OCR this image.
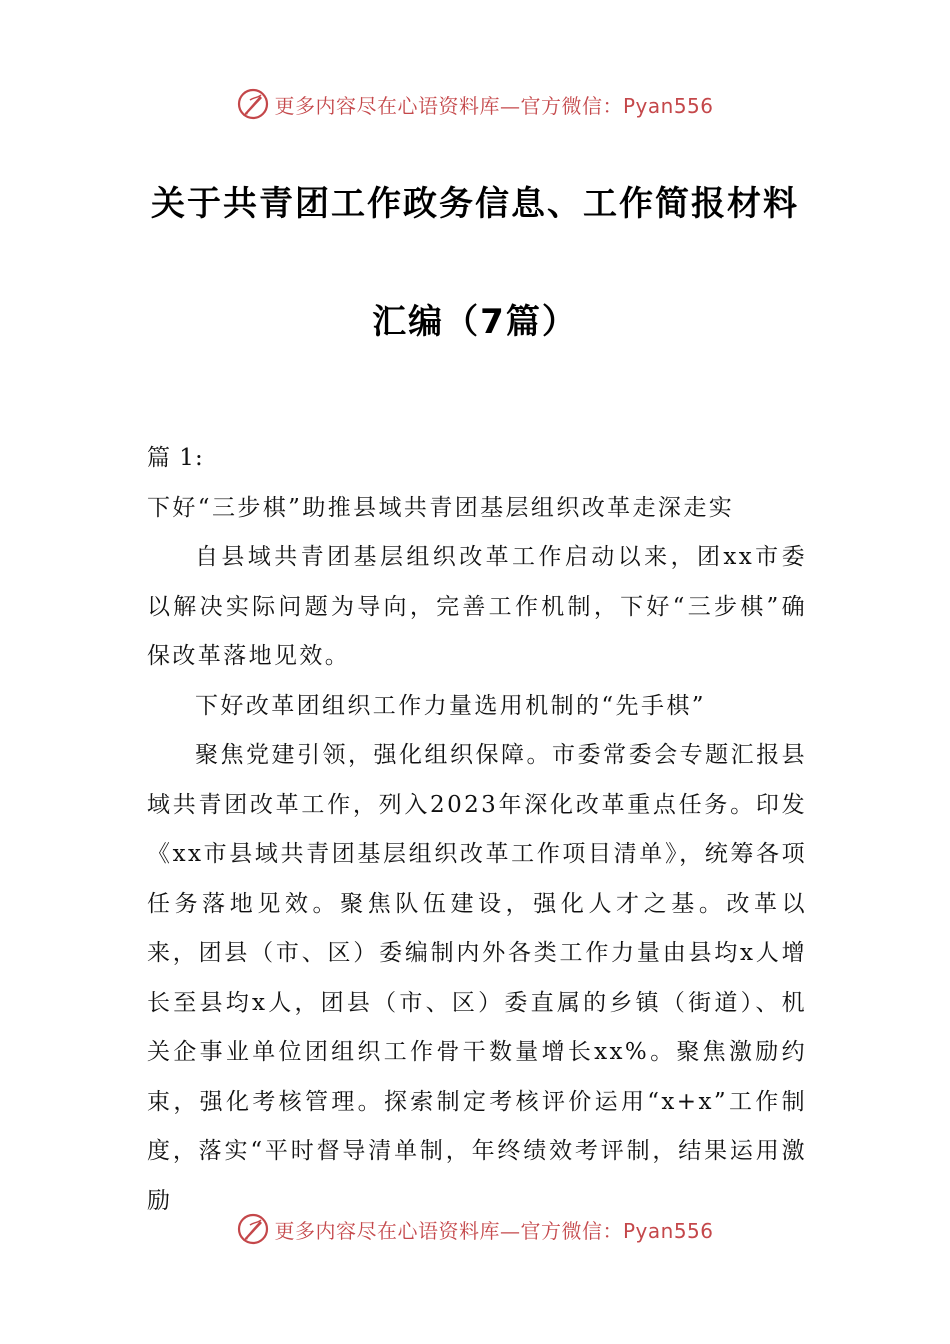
更多内容尽在心语资料库—官方微信：Pyan556
关于共青团工作政务信息、工作简报材料
汇编（7篇）

篇 1:

下好“三步棋”助推县域共青团基层组织改革走深走实

自县域共青团基层组织改革工作启动以来，团xx市委以解决实际问题为导向，完善工作机制，下好“三步棋”确保改革落地见效。

下好改革团组织工作力量选用机制的“先手棋”

聚焦党建引领，强化组织保障。市委常委会专题汇报县域共青团改革工作，列入2023年深化改革重点任务。印发《xx市县域共青团基层组织改革工作项目清单》，统筹各项任务落地见效。聚焦队伍建设，强化人才之基。改革以来，团县（市、区）委编制内外各类工作力量由县均x人增长至县均x人，团县（市、区）委直属的乡镇（街道）、机关企事业单位团组织工作骨干数量增长xx%。聚焦激励约束，强化考核管理。探索制定考核评价运用“x+x”工作制度，落实“平时督导清单制，年终绩效考评制，结果运用激励

更多内容尽在心语资料库—官方微信：Pyan556
